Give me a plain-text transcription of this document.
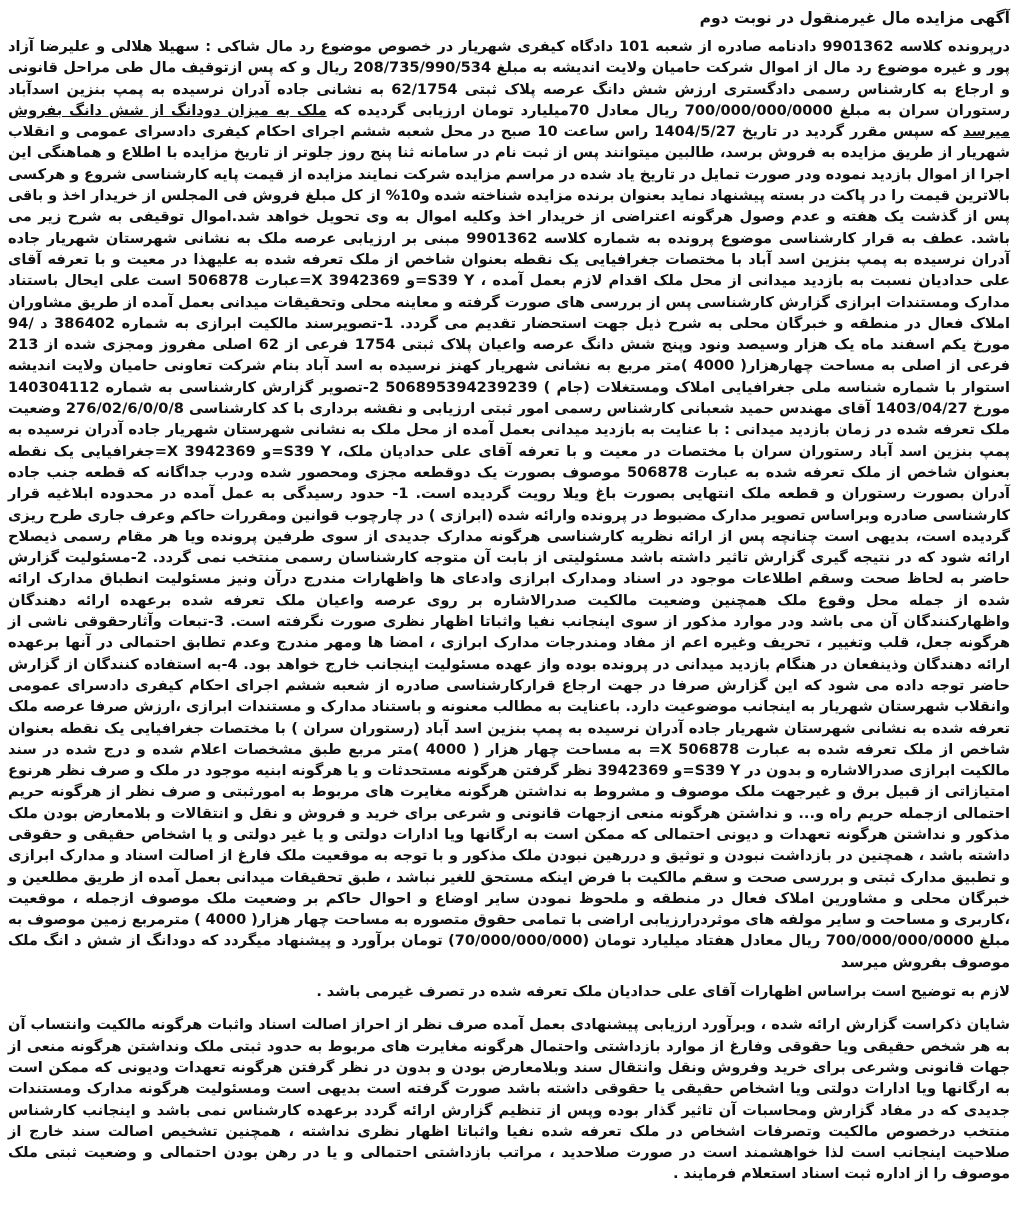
آگهی مزایده مال غیرمنقول در نوبت دوم

درپرونده کلاسه 9901362 دادنامه صادره از شعبه 101 دادگاه کیفری شهریار در خصوص موضوع رد مال شاکی : سهیلا هلالی و علیرضا آزاد پور و غیره موضوع رد مال از اموال شرکت حامیان ولایت اندیشه به مبلغ 208/735/990/534 ریال و که پس ازتوقیف مال طی مراحل قانونی و ارجاع به کارشناس رسمی دادگستری ارزش شش دانگ عرصه پلاک ثبتی 62/1754 به نشانی جاده آدران نرسیده به پمپ بنزین اسدآباد رستوران سران به مبلغ 700/000/000/0000 ریال معادل 70میلیارد تومان ارزیابی گردیده که ملک به میزان دودانگ از شش دانگ بفروش میرسد که سپس مقرر گردید در تاریخ 1404/5/27 راس ساعت 10 صبح در محل شعبه ششم اجرای احکام کیفری دادسرای عمومی و انقلاب شهریار از طریق مزایده به فروش برسد، طالبین میتوانند پس از ثبت نام در سامانه ثنا پنج روز جلوتر از تاریخ مزایده با اطلاع و هماهنگی این اجرا از اموال بازدید نموده ودر صورت تمایل در تاریخ یاد شده در مراسم مزایده شرکت نمایند مزایده از قیمت پایه کارشناسی شروع و هرکسی بالاترین قیمت را در پاکت در بسته پیشنهاد نماید بعنوان برنده مزایده شناخته شده و10% از کل مبلغ فروش فی المجلس از خریدار اخذ و باقی پس از گذشت یک هفته و عدم وصول هرگونه اعتراضی از خریدار اخذ وکلیه اموال به وی تحویل خواهد شد.اموال توقیفی به شرح زیر می باشد. عطف به قرار کارشناسی موضوع پرونده به شماره کلاسه 9901362 مبنی بر ارزیابی عرصه ملک به نشانی شهرستان شهریار جاده آدران نرسیده به پمپ بنزین اسد آباد با مختصات جغرافیایی یک نقطه بعنوان شاخص از ملک تعرفه شده به علیهذا در معیت و با تعرفه آقای علی حدادیان نسبت به بازدید میدانی از محل ملک اقدام لازم بعمل آمده ، S39 Y=و 3942369 X=عبارت 506878 است علی ایحال باستناد مدارک ومستندات ابرازی گزارش کارشناسی پس از بررسی های صورت گرفته و معاینه محلی وتحقیقات میدانی بعمل آمده از طریق مشاوران املاک فعال در منطقه و خبرگان محلی به شرح ذیل جهت استحضار تقدیم می گردد. 1-تصویرسند مالکیت ابرازی به شماره 386402 د /94 مورخ یکم اسفند ماه یک هزار وسیصد ونود وپنج شش دانگ عرصه واعیان پلاک ثبتی 1754 فرعی از 62 اصلی مفروز ومجزی شده از 213 فرعی از اصلی به مساحت چهارهزار( 4000 )متر مربع به نشانی شهریار کهنز نرسیده به اسد آباد بنام شرکت تعاونی حامیان ولایت اندیشه استوار با شماره شناسه ملی جغرافیایی املاک ومستغلات (جام ) 506895394239239 2-تصویر گزارش کارشناسی به شماره 140304112 مورخ 1403/04/27 آقای مهندس حمید شعبانی کارشناس رسمی امور ثبتی ارزیابی و نقشه برداری با کد کارشناسی 276/02/6/0/0/8 وضعیت ملک تعرفه شده در زمان بازدید میدانی : با عنایت به بازدید میدانی بعمل آمده از محل ملک به نشانی شهرستان شهریار جاده آدران نرسیده به پمپ بنزین اسد آباد رستوران سران با مختصات در معیت و با تعرفه آقای علی حدادیان ملک، S39 Y=و 3942369 X=جغرافیایی یک نقطه بعنوان شاخص از ملک تعرفه شده به عبارت 506878 موصوف بصورت یک دوقطعه مجزی ومحصور شده ودرب جداگانه که قطعه جنب جاده آدران بصورت رستوران و قطعه ملک انتهایی بصورت باغ ویلا رویت گردیده است. 1- حدود رسیدگی به عمل آمده در محدوده ابلاغیه قرار کارشناسی صادره وبراساس تصویر مدارک مضبوط در پرونده وارائه شده (ابرازی ) در چارچوب قوانین ومقررات حاکم وعرف جاری طرح ریزی گردیده است، بدیهی است چنانچه پس از ارائه نظریه کارشناسی هرگونه مدارک جدیدی از سوی طرفین پرونده ویا هر مقام رسمی ذیصلاح ارائه شود که در نتیجه گیری گزارش تاثیر داشته باشد مسئولیتی از بابت آن متوجه کارشناسان رسمی منتخب نمی گردد. 2-مسئولیت گزارش حاضر به لحاظ صحت وسقم اطلاعات موجود در اسناد ومدارک ابرازی وادعای ها واظهارات مندرج درآن ونیز مسئولیت انطباق مدارک ارائه شده از جمله محل وقوع ملک همچنین وضعیت مالکیت صدرالاشاره بر روی عرصه واعیان ملک تعرفه شده برعهده ارائه دهندگان واظهارکنندگان آن می باشد ودر موارد مذکور از سوی اینجانب نفیا واثباتا اظهار نظری صورت نگرفته است. 3-تبعات وآثارحقوقی ناشی از هرگونه جعل، قلب وتغییر ، تحریف وغیره اعم از مفاد ومندرجات مدارک ابرازی ، امضا ها ومهر مندرج وعدم تطابق احتمالی در آنها برعهده ارائه دهندگان وذینفعان در هنگام بازدید میدانی در پرونده بوده واز عهده مسئولیت اینجانب خارج خواهد بود. 4-به استفاده کنندگان از گزارش حاضر توجه داده می شود که این گزارش صرفا در جهت ارجاع قرارکارشناسی صادره از شعبه ششم اجرای احکام کیفری دادسرای عمومی وانقلاب شهرستان شهریار به اینجانب موضوعیت دارد. باعنایت به مطالب معنونه و باستناد مدارک و مستندات ابرازی ،ارزش صرفا عرصه ملک تعرفه شده به نشانی شهرستان شهریار جاده آدران نرسیده به پمپ بنزین اسد آباد (رستوران سران ) با مختصات جغرافیایی یک نقطه بعنوان شاخص از ملک تعرفه شده به عبارت 506878 X= به مساحت چهار هزار ( 4000 )متر مربع طبق مشخصات اعلام شده و درج شده در سند مالکیت ابرازی صدرالاشاره و بدون در S39 Y=و 3942369 نظر گرفتن هرگونه مستحدثات و یا هرگونه ابنیه موجود در ملک و صرف نظر هرنوع امتیازاتی از قبیل برق و غیرجهت ملک موصوف و مشروط به نداشتن هرگونه مغایرت های مربوط به امورثبتی و صرف نظر از هرگونه حریم احتمالی ازجمله حریم راه و... و نداشتن هرگونه منعی ازجهات قانونی و شرعی برای خرید و فروش و نقل و انتقالات و بلامعارض بودن ملک مذکور و نداشتن هرگونه تعهدات و دیونی احتمالی که ممکن است به ارگانها ویا ادارات دولتی و یا غیر دولتی و یا اشخاص حقیقی و حقوقی داشته باشد ، همچنین در بازداشت نبودن و توثیق و دررهین نبودن ملک مذکور و با توجه به موقعیت ملک فارغ از اصالت اسناد و مدارک ابرازی و تطبیق مدارک ثبتی و بررسی صحت و سقم مالکیت با فرض اینکه مستحق للغیر نباشد ، طبق تحقیقات میدانی بعمل آمده از طریق مطلعین و خبرگان محلی و مشاورین املاک فعال در منطقه و ملحوظ نمودن سایر اوضاع و احوال حاکم بر وضعیت ملک موصوف ازجمله ، موقعیت ،کاربری و مساحت و سایر مولفه های موثردرارزیابی اراضی با تمامی حقوق متصوره به مساحت چهار هزار( 4000 ) مترمربع زمین موصوف به مبلغ 700/000/000/0000 ریال معادل هفتاد میلیارد تومان (70/000/000/000) تومان برآورد و پیشنهاد میگردد که دودانگ از شش د انگ ملک موصوف بفروش میرسد

لازم به توضیح است براساس اظهارات آقای علی حدادیان ملک تعرفه شده در تصرف غیرمی باشد .

شایان ذکراست گزارش ارائه شده ، وبرآورد ارزیابی پیشنهادی بعمل آمده صرف نظر از احراز اصالت اسناد واثبات هرگونه مالکیت وانتساب آن به هر شخص حقیقی ویا حقوقی وفارغ از موارد بازداشتی واحتمال هرگونه مغایرت های مربوط به حدود ثبتی ملک ونداشتن هرگونه منعی از جهات قانونی وشرعی برای خرید وفروش ونقل وانتقال سند وبلامعارض بودن و بدون در نظر گرفتن هرگونه تعهدات ودیونی که ممکن است به ارگانها ویا ادارات دولتی ویا اشخاص حقیقی یا حقوقی داشته باشد صورت گرفته است بدیهی است ومسئولیت هرگونه مدارک ومستندات جدیدی که در مفاد گزارش ومحاسبات آن تاثیر گذار بوده وپس از تنظیم گزارش ارائه گردد برعهده کارشناس نمی باشد و اینجانب کارشناس منتخب درخصوص مالکیت وتصرفات اشخاص در ملک تعرفه شده نفیا واثباتا اظهار نظری نداشته ، همچنین تشخیص اصالت سند خارج از صلاحیت اینجانب است لذا خواهشمند است در صورت صلاحدید ، مراتب بازداشتی احتمالی و یا در رهن بودن احتمالی و وضعیت ثبتی ملک موصوف را از اداره ثبت اسناد استعلام فرمایند .
